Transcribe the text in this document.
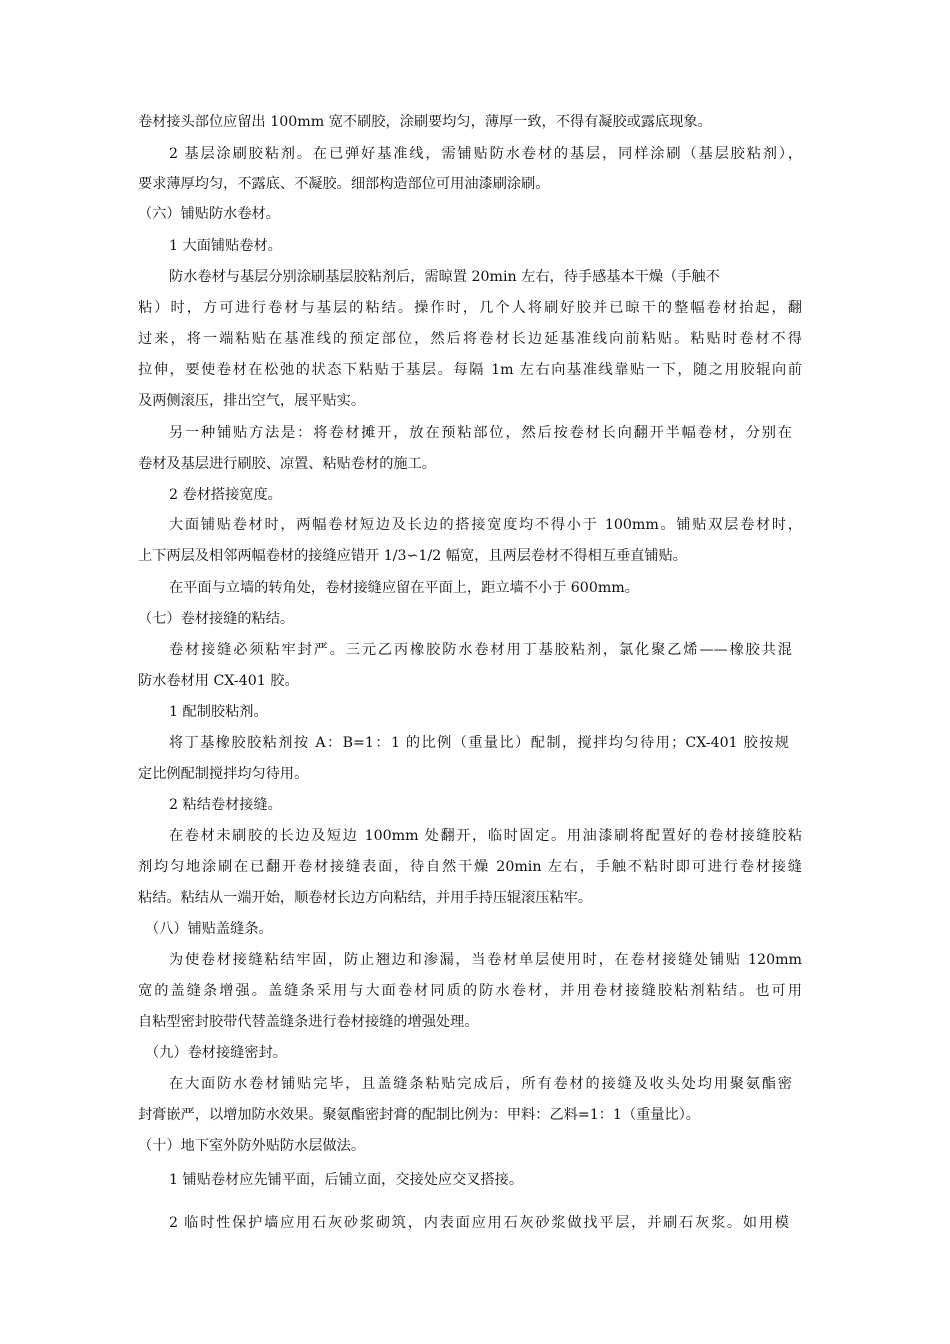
卷材接头部位应留出 100mm 宽不刷胶，涂刷要均匀，薄厚一致，不得有凝胶或露底现象。
2 基层涂刷胶粘剂。在已弹好基准线，需铺贴防水卷材的基层，同样涂刷（基层胶粘剂），
要求薄厚均匀，不露底、不凝胶。细部构造部位可用油漆刷涂刷。
（六）铺贴防水卷材。
1 大面铺贴卷材。
防水卷材与基层分别涂刷基层胶粘剂后，需晾置 20min 左右，待手感基本干燥（手触不
粘）时，方可进行卷材与基层的粘结。操作时，几个人将刷好胶并已晾干的整幅卷材抬起，翻
过来，将一端粘贴在基准线的预定部位，然后将卷材长边延基准线向前粘贴。粘贴时卷材不得
拉伸，要使卷材在松弛的状态下粘贴于基层。每隔 1m 左右向基准线靠贴一下，随之用胶辊向前
及两侧滚压，排出空气，展平贴实。
另一种铺贴方法是：将卷材摊开，放在预粘部位，然后按卷材长向翻开半幅卷材，分别在
卷材及基层进行刷胶、凉置、粘贴卷材的施工。
2 卷材搭接宽度。
大面铺贴卷材时，两幅卷材短边及长边的搭接宽度均不得小于 100mm。铺贴双层卷材时，
上下两层及相邻两幅卷材的接缝应错开 1/3∽1/2 幅宽，且两层卷材不得相互垂直铺贴。
在平面与立墙的转角处，卷材接缝应留在平面上，距立墙不小于 600mm。
（七）卷材接缝的粘结。
卷材接缝必须粘牢封严。三元乙丙橡胶防水卷材用丁基胶粘剂，氯化聚乙烯——橡胶共混
防水卷材用 CX-401 胶。
1 配制胶粘剂。
将丁基橡胶胶粘剂按 A：B=1：1 的比例（重量比）配制，搅拌均匀待用；CX-401 胶按规
定比例配制搅拌均匀待用。
2 粘结卷材接缝。
在卷材未刷胶的长边及短边 100mm 处翻开，临时固定。用油漆刷将配置好的卷材接缝胶粘
剂均匀地涂刷在已翻开卷材接缝表面，待自然干燥 20min 左右，手触不粘时即可进行卷材接缝
粘结。粘结从一端开始，顺卷材长边方向粘结，并用手持压辊滚压粘牢。
（八）铺贴盖缝条。
为使卷材接缝粘结牢固，防止翘边和渗漏，当卷材单层使用时，在卷材接缝处铺贴 120mm
宽的盖缝条增强。盖缝条采用与大面卷材同质的防水卷材，并用卷材接缝胶粘剂粘结。也可用
自粘型密封胶带代替盖缝条进行卷材接缝的增强处理。
（九）卷材接缝密封。
在大面防水卷材铺贴完毕，且盖缝条粘贴完成后，所有卷材的接缝及收头处均用聚氨酯密
封膏嵌严，以增加防水效果。聚氨酯密封膏的配制比例为：甲料：乙料=1：1（重量比）。
（十）地下室外防外贴防水层做法。
1 铺贴卷材应先铺平面，后铺立面，交接处应交叉搭接。
2 临时性保护墙应用石灰砂浆砌筑，内表面应用石灰砂浆做找平层，并刷石灰浆。如用模
